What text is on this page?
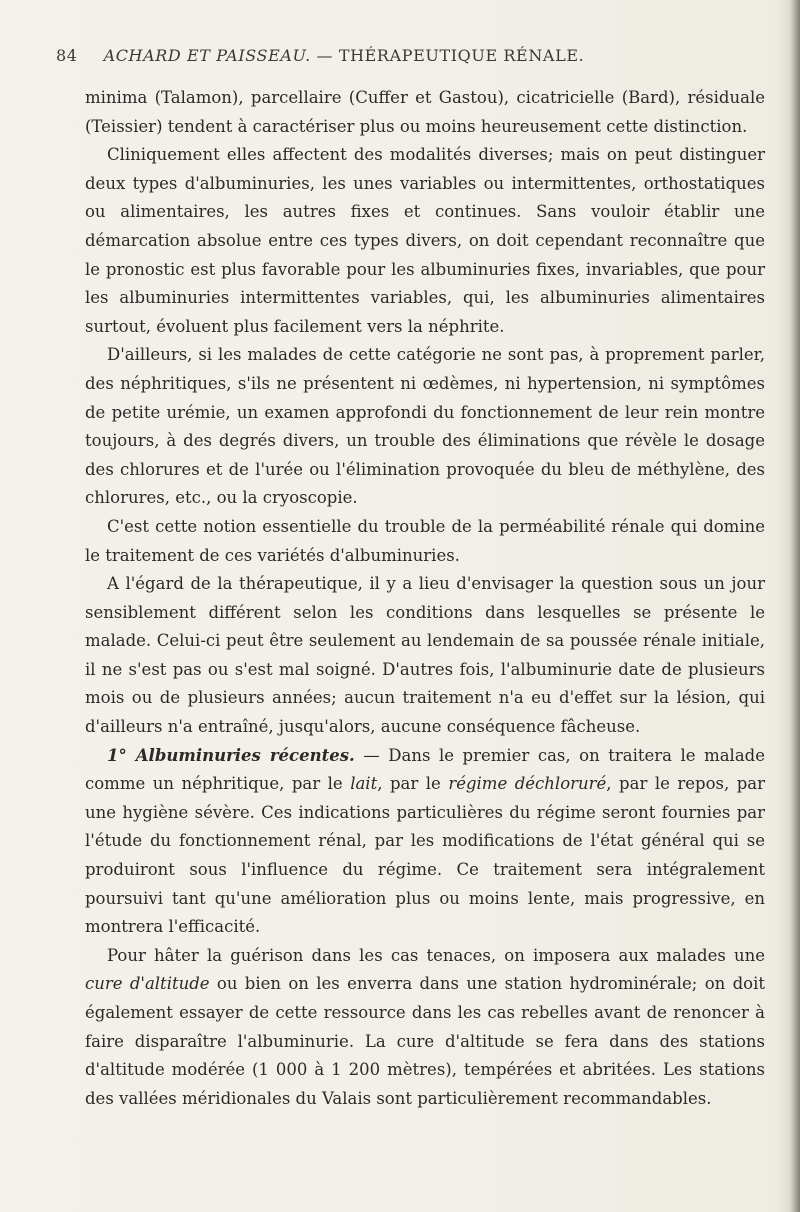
84 ACHARD ET PAISSEAU. — THÉRAPEUTIQUE RÉNALE.

minima (Talamon), parcellaire (Cuffer et Gastou), cicatricielle (Bard), résiduale (Teissier) tendent à caractériser plus ou moins heureusement cette distinction.

Cliniquement elles affectent des modalités diverses; mais on peut distinguer deux types d'albuminuries, les unes variables ou intermittentes, orthostatiques ou alimentaires, les autres fixes et continues. Sans vouloir établir une démarcation absolue entre ces types divers, on doit cependant reconnaître que le pronostic est plus favorable pour les albuminuries fixes, invariables, que pour les albuminuries intermittentes variables, qui, les albuminuries alimentaires surtout, évoluent plus facilement vers la néphrite.

D'ailleurs, si les malades de cette catégorie ne sont pas, à proprement parler, des néphritiques, s'ils ne présentent ni œdèmes, ni hypertension, ni symptômes de petite urémie, un examen approfondi du fonctionnement de leur rein montre toujours, à des degrés divers, un trouble des éliminations que révèle le dosage des chlorures et de l'urée ou l'élimination provoquée du bleu de méthylène, des chlorures, etc., ou la cryoscopie.

C'est cette notion essentielle du trouble de la perméabilité rénale qui domine le traitement de ces variétés d'albuminuries.

A l'égard de la thérapeutique, il y a lieu d'envisager la question sous un jour sensiblement différent selon les conditions dans lesquelles se présente le malade. Celui-ci peut être seulement au lendemain de sa poussée rénale initiale, il ne s'est pas ou s'est mal soigné. D'autres fois, l'albuminurie date de plusieurs mois ou de plusieurs années; aucun traitement n'a eu d'effet sur la lésion, qui d'ailleurs n'a entraîné, jusqu'alors, aucune conséquence fâcheuse.

1° Albuminuries récentes. — Dans le premier cas, on traitera le malade comme un néphritique, par le lait, par le régime déchloruré, par le repos, par une hygiène sévère. Ces indications particulières du régime seront fournies par l'étude du fonctionnement rénal, par les modifications de l'état général qui se produiront sous l'influence du régime. Ce traitement sera intégralement poursuivi tant qu'une amélioration plus ou moins lente, mais progressive, en montrera l'efficacité.

Pour hâter la guérison dans les cas tenaces, on imposera aux malades une cure d'altitude ou bien on les enverra dans une station hydrominérale; on doit également essayer de cette ressource dans les cas rebelles avant de renoncer à faire disparaître l'albuminurie. La cure d'altitude se fera dans des stations d'altitude modérée (1 000 à 1 200 mètres), tempérées et abritées. Les stations des vallées méridionales du Valais sont particulièrement recommandables.
